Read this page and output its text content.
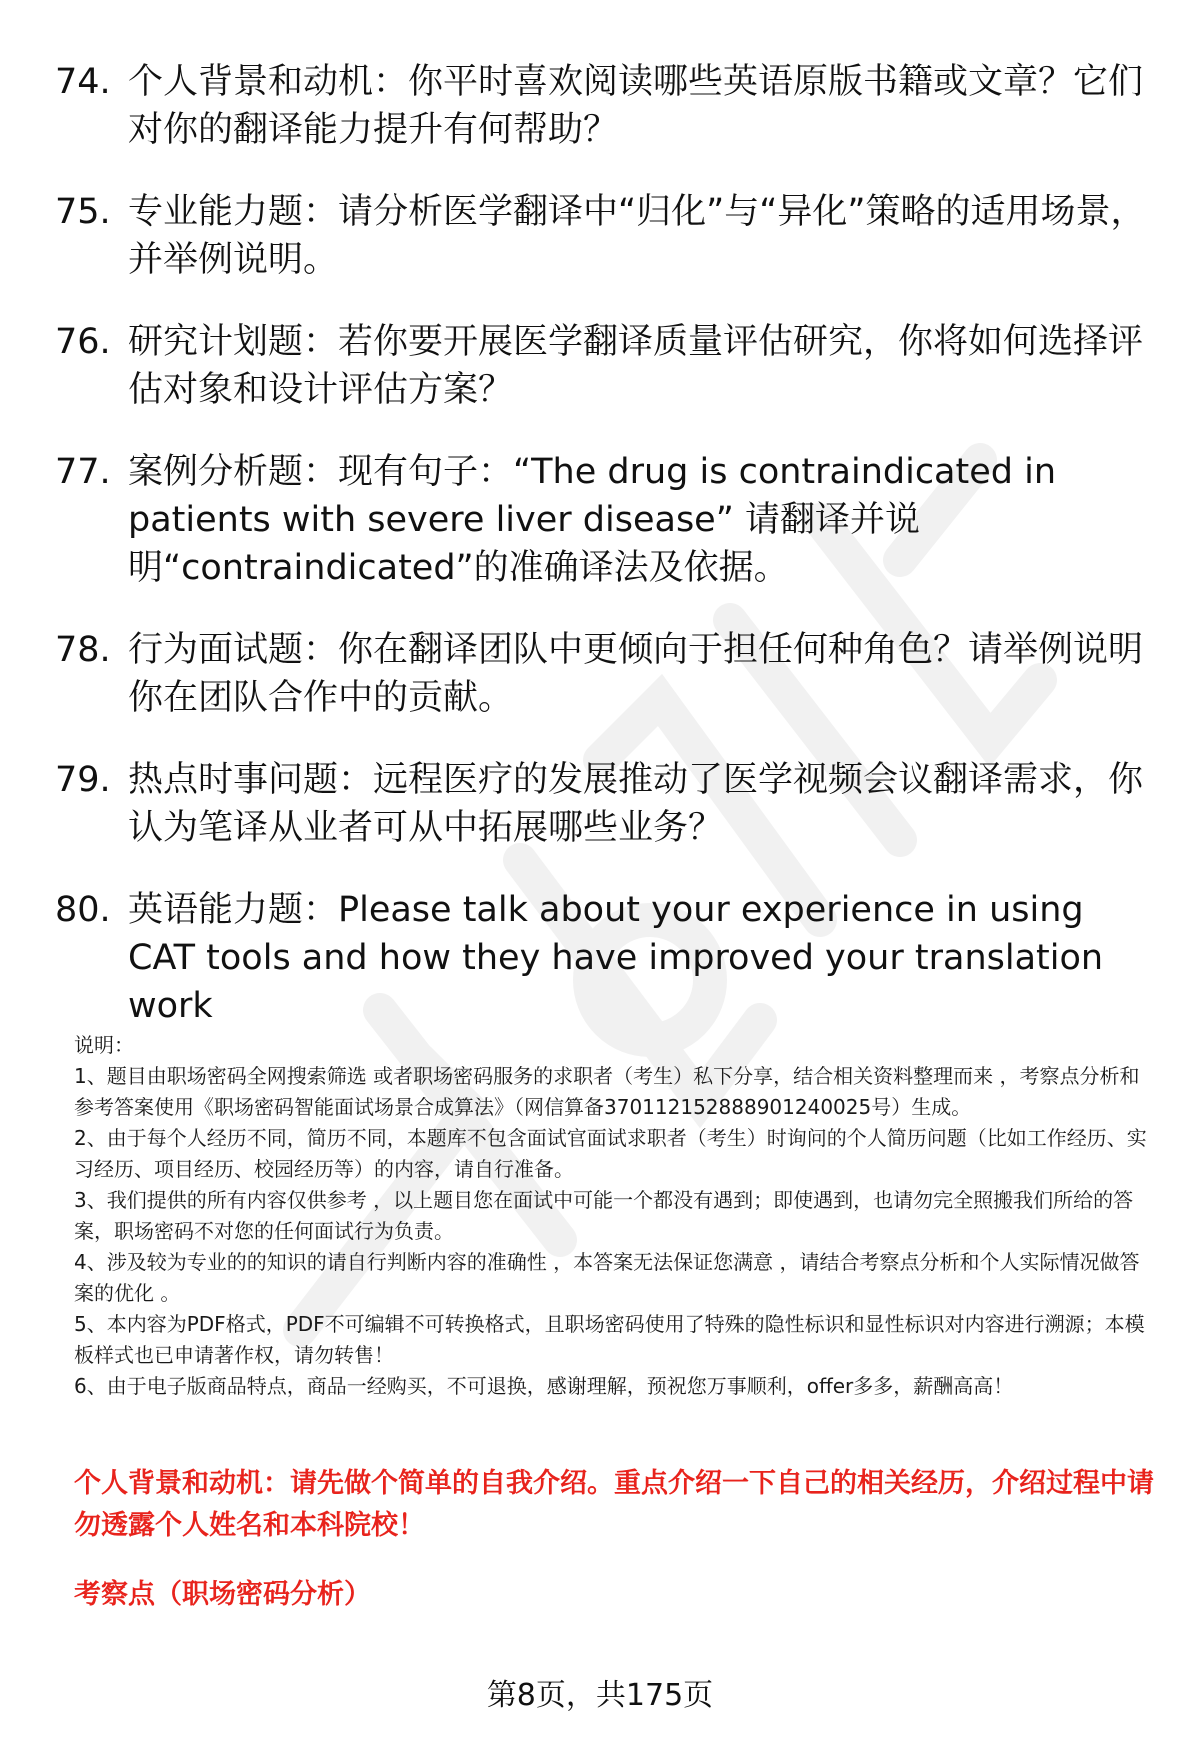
74. 个人背景和动机：你平时喜欢阅读哪些英语原版书籍或文章？它们对你的翻译能力提升有何帮助？
75. 专业能力题：请分析医学翻译中“归化”与“异化”策略的适用场景，并举例说明。
76. 研究计划题：若你要开展医学翻译质量评估研究，你将如何选择评估对象和设计评估方案？
77. 案例分析题：现有句子：“The drug is contraindicated in patients with severe liver disease” 请翻译并说明“contraindicated”的准确译法及依据。
78. 行为面试题：你在翻译团队中更倾向于担任何种角色？请举例说明你在团队合作中的贡献。
79. 热点时事问题：远程医疗的发展推动了医学视频会议翻译需求，你认为笔译从业者可从中拓展哪些业务？
80. 英语能力题：Please talk about your experience in using CAT tools and how they have improved your translation work

说明：

1、题目由职场密码全网搜索筛选 或者职场密码服务的求职者（考生）私下分享，结合相关资料整理而来 ，考察点分析和参考答案使用《职场密码智能面试场景合成算法》（网信算备370112152888901240025号）生成。

2、由于每个人经历不同，简历不同，本题库不包含面试官面试求职者（考生）时询问的个人简历问题（比如工作经历、实习经历、项目经历、校园经历等）的内容，请自行准备。

3、我们提供的所有内容仅供参考 ，以上题目您在面试中可能一个都没有遇到；即使遇到，也请勿完全照搬我们所给的答案，职场密码不对您的任何面试行为负责。

4、涉及较为专业的的知识的请自行判断内容的准确性 ，本答案无法保证您满意 ，请结合考察点分析和个人实际情况做答案的优化 。

5、本内容为PDF格式，PDF不可编辑不可转换格式，且职场密码使用了特殊的隐性标识和显性标识对内容进行溯源；本模板样式也已申请著作权，请勿转售！

6、由于电子版商品特点，商品一经购买，不可退换，感谢理解，预祝您万事顺利，offer多多，薪酬高高！

个人背景和动机：请先做个简单的自我介绍。重点介绍一下自己的相关经历，介绍过程中请勿透露个人姓名和本科院校！
考察点（职场密码分析）
第8页，共175页
